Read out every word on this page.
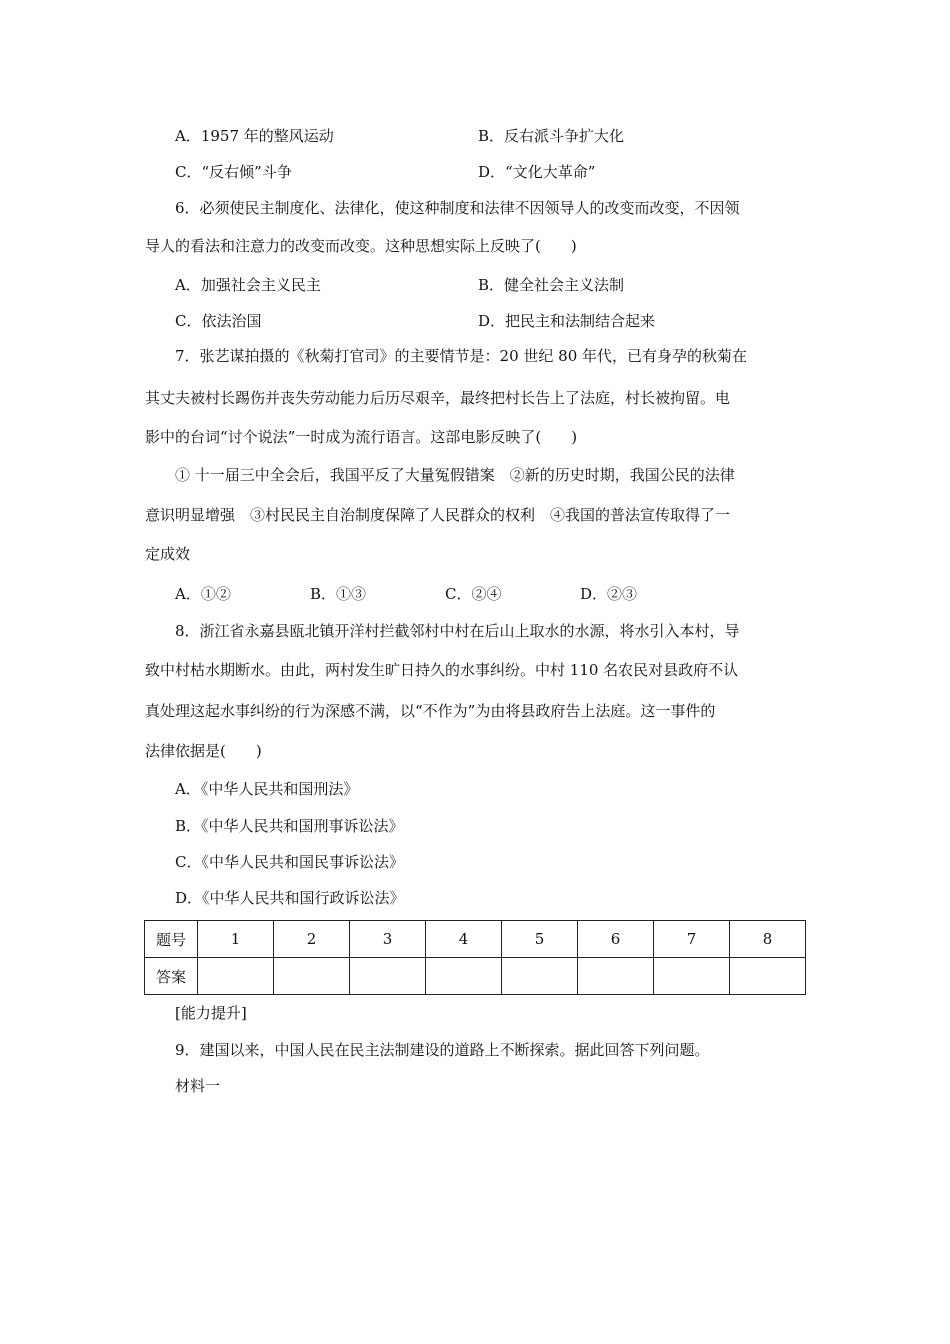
A．1957 年的整风运动	B．反右派斗争扩大化
C．“反右倾”斗争	D．“文化大革命”
6．必须使民主制度化、法律化，使这种制度和法律不因领导人的改变而改变，不因领
导人的看法和注意力的改变而改变。这种思想实际上反映了(　　)
A．加强社会主义民主	B．健全社会主义法制
C．依法治国	D．把民主和法制结合起来
7．张艺谋拍摄的《秋菊打官司》的主要情节是：20 世纪 80 年代，已有身孕的秋菊在
其丈夫被村长踢伤并丧失劳动能力后历尽艰辛，最终把村长告上了法庭，村长被拘留。电
影中的台词“讨个说法”一时成为流行语言。这部电影反映了(　　)
① 十一届三中全会后，我国平反了大量冤假错案　②新的历史时期，我国公民的法律
意识明显增强　③村民民主自治制度保障了人民群众的权利　④我国的普法宣传取得了一
定成效
A．①②	B．①③	C．②④	D．②③
8．浙江省永嘉县瓯北镇开洋村拦截邻村中村在后山上取水的水源，将水引入本村，导
致中村枯水期断水。由此，两村发生旷日持久的水事纠纷。中村 110 名农民对县政府不认
真处理这起水事纠纷的行为深感不满，以“不作为”为由将县政府告上法庭。这一事件的
法律依据是(　　)
A．《中华人民共和国刑法》
B．《中华人民共和国刑事诉讼法》
C．《中华人民共和国民事诉讼法》
D．《中华人民共和国行政诉讼法》
题号	1	2	3	4	5	6	7	8
答案								
[能力提升]
9．建国以来，中国人民在民主法制建设的道路上不断探索。据此回答下列问题。
材料一
